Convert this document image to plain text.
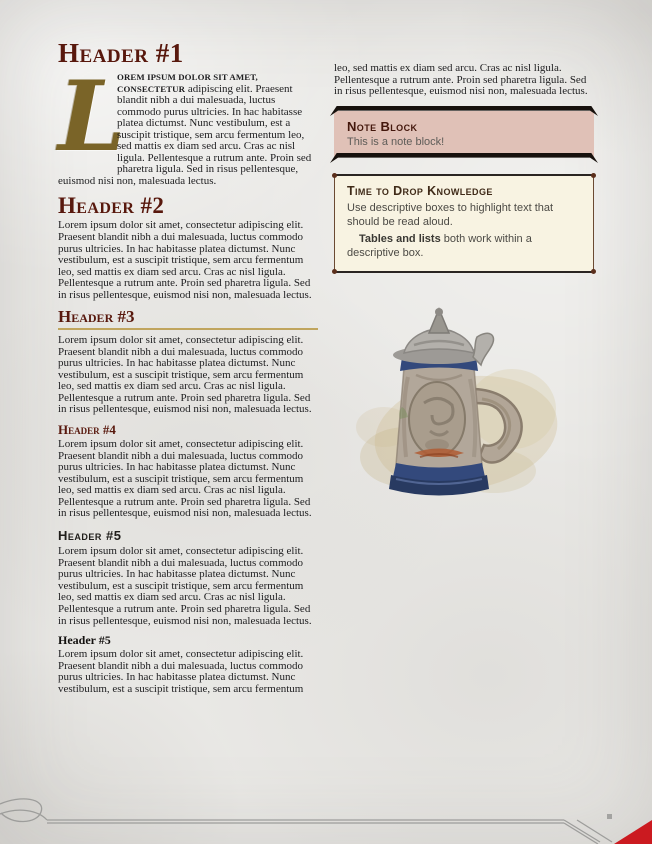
Header #1

L
OREM IPSUM DOLOR SIT AMET, CONSECTETUR adipiscing elit. Praesent blandit nibh a dui malesuada, luctus commodo purus ultricies. In hac habitasse platea dictumst. Nunc vestibulum, est a suscipit tristique, sem arcu fermentum leo, sed mattis ex diam sed arcu. Cras ac nisl ligula. Pellentesque a rutrum ante. Proin sed pharetra ligula. Sed in risus pellentesque, euismod nisi non, malesuada lectus.

Header #2

Lorem ipsum dolor sit amet, consectetur adipiscing elit. Praesent blandit nibh a dui malesuada, luctus commodo purus ultricies. In hac habitasse platea dictumst. Nunc vestibulum, est a suscipit tristique, sem arcu fermentum leo, sed mattis ex diam sed arcu. Cras ac nisl ligula. Pellentesque a rutrum ante. Proin sed pharetra ligula. Sed in risus pellentesque, euismod nisi non, malesuada lectus.

Header #3

Lorem ipsum dolor sit amet, consectetur adipiscing elit. Praesent blandit nibh a dui malesuada, luctus commodo purus ultricies. In hac habitasse platea dictumst. Nunc vestibulum, est a suscipit tristique, sem arcu fermentum leo, sed mattis ex diam sed arcu. Cras ac nisl ligula. Pellentesque a rutrum ante. Proin sed pharetra ligula. Sed in risus pellentesque, euismod nisi non, malesuada lectus.

Header #4

Lorem ipsum dolor sit amet, consectetur adipiscing elit. Praesent blandit nibh a dui malesuada, luctus commodo purus ultricies. In hac habitasse platea dictumst. Nunc vestibulum, est a suscipit tristique, sem arcu fermentum leo, sed mattis ex diam sed arcu. Cras ac nisl ligula. Pellentesque a rutrum ante. Proin sed pharetra ligula. Sed in risus pellentesque, euismod nisi non, malesuada lectus.

Header #5

Lorem ipsum dolor sit amet, consectetur adipiscing elit. Praesent blandit nibh a dui malesuada, luctus commodo purus ultricies. In hac habitasse platea dictumst. Nunc vestibulum, est a suscipit tristique, sem arcu fermentum leo, sed mattis ex diam sed arcu. Cras ac nisl ligula. Pellentesque a rutrum ante. Proin sed pharetra ligula. Sed in risus pellentesque, euismod nisi non, malesuada lectus.

Header #5

Lorem ipsum dolor sit amet, consectetur adipiscing elit. Praesent blandit nibh a dui malesuada, luctus commodo purus ultricies. In hac habitasse platea dictumst. Nunc vestibulum, est a suscipit tristique, sem arcu fermentum

leo, sed mattis ex diam sed arcu. Cras ac nisl ligula. Pellentesque a rutrum ante. Proin sed pharetra ligula. Sed in risus pellentesque, euismod nisi non, malesuada lectus.

Note Block
This is a note block!
Time to Drop Knowledge

Use descriptive boxes to highlight text that should be read aloud.

Tables and lists both work within a descriptive box.
